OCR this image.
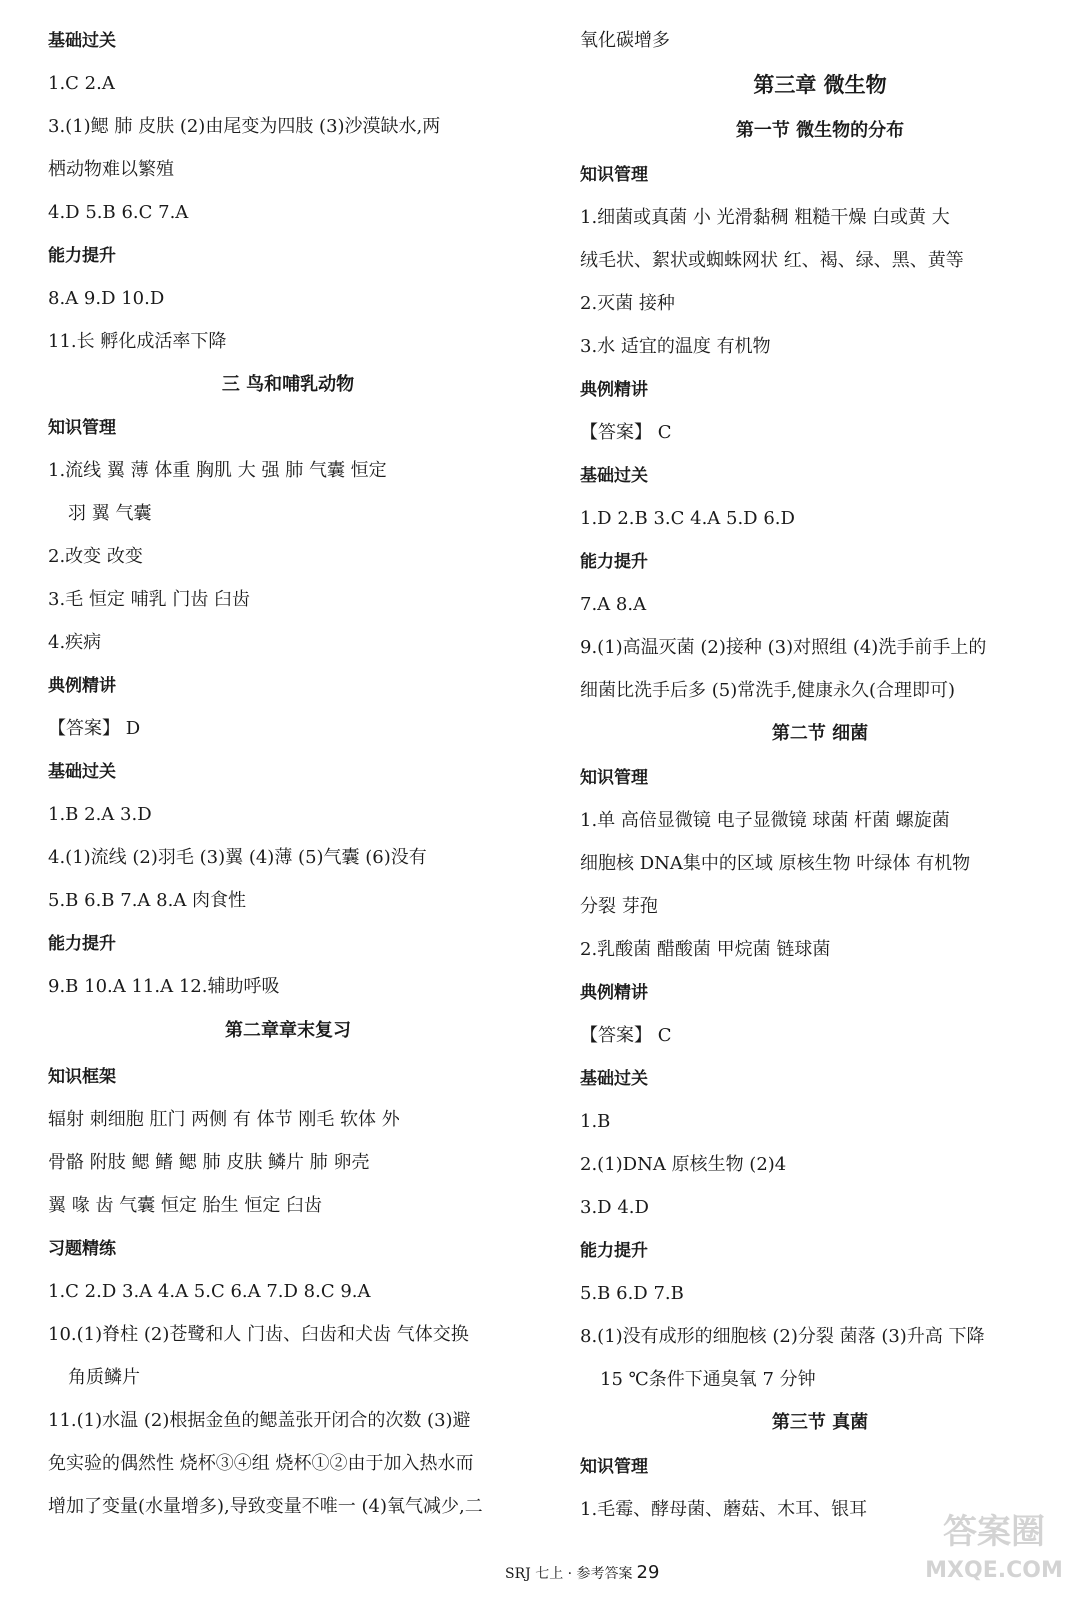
基础过关
1.C 2.A
3.(1)鳃 肺 皮肤 (2)由尾变为四肢 (3)沙漠缺水,两
栖动物难以繁殖
4.D 5.B 6.C 7.A
能力提升
8.A 9.D 10.D
11.长 孵化成活率下降
三 鸟和哺乳动物
知识管理
1.流线 翼 薄 体重 胸肌 大 强 肺 气囊 恒定
羽 翼 气囊
2.改变 改变
3.毛 恒定 哺乳 门齿 臼齿
4.疾病
典例精讲
【答案】 D
基础过关
1.B 2.A 3.D
4.(1)流线 (2)羽毛 (3)翼 (4)薄 (5)气囊 (6)没有
5.B 6.B 7.A 8.A 肉食性
能力提升
9.B 10.A 11.A 12.辅助呼吸
第二章章末复习
知识框架
辐射 刺细胞 肛门 两侧 有 体节 刚毛 软体 外
骨骼 附肢 鳃 鳍 鳃 肺 皮肤 鳞片 肺 卵壳
翼 喙 齿 气囊 恒定 胎生 恒定 臼齿
习题精练
1.C 2.D 3.A 4.A 5.C 6.A 7.D 8.C 9.A
10.(1)脊柱 (2)苍鹭和人 门齿、臼齿和犬齿 气体交换
角质鳞片
11.(1)水温 (2)根据金鱼的鳃盖张开闭合的次数 (3)避
免实验的偶然性 烧杯③④组 烧杯①②由于加入热水而
增加了变量(水量增多),导致变量不唯一 (4)氧气减少,二
氧化碳增多
第三章 微生物
第一节 微生物的分布
知识管理
1.细菌或真菌 小 光滑黏稠 粗糙干燥 白或黄 大
绒毛状、絮状或蜘蛛网状 红、褐、绿、黑、黄等
2.灭菌 接种
3.水 适宜的温度 有机物
典例精讲
【答案】 C
基础过关
1.D 2.B 3.C 4.A 5.D 6.D
能力提升
7.A 8.A
9.(1)高温灭菌 (2)接种 (3)对照组 (4)洗手前手上的
细菌比洗手后多 (5)常洗手,健康永久(合理即可)
第二节 细菌
知识管理
1.单 高倍显微镜 电子显微镜 球菌 杆菌 螺旋菌
细胞核 DNA集中的区域 原核生物 叶绿体 有机物
分裂 芽孢
2.乳酸菌 醋酸菌 甲烷菌 链球菌
典例精讲
【答案】 C
基础过关
1.B
2.(1)DNA 原核生物 (2)4
3.D 4.D
能力提升
5.B 6.D 7.B
8.(1)没有成形的细胞核 (2)分裂 菌落 (3)升高 下降
15 ℃条件下通臭氧 7 分钟
第三节 真菌
知识管理
1.毛霉、酵母菌、蘑菇、木耳、银耳
SRJ 七上 · 参考答案 29
答案圈
MXQE.COM
